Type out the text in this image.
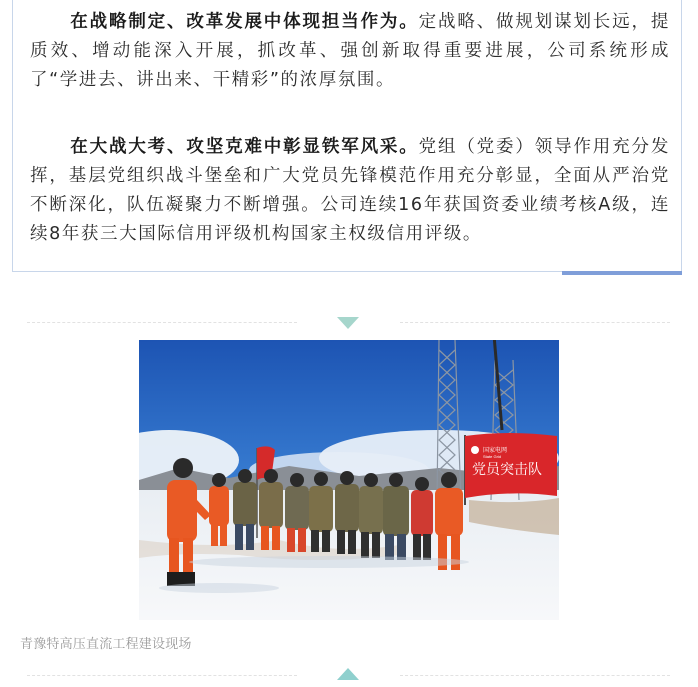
在战略制定、改革发展中体现担当作为。定战略、做规划谋划长远，提质效、增动能深入开展，抓改革、强创新取得重要进展，公司系统形成了“学进去、讲出来、干精彩”的浓厚氛围。

在大战大考、攻坚克难中彰显铁军风采。党组（党委）领导作用充分发挥，基层党组织战斗堡垒和广大党员先锋模范作用充分彰显，全面从严治党不断深化，队伍凝聚力不断增强。公司连续16年获国资委业绩考核A级，连续8年获三大国际信用评级机构国家主权级信用评级。

国家电网
State Grid
党员突击队
青豫特高压直流工程建设现场
